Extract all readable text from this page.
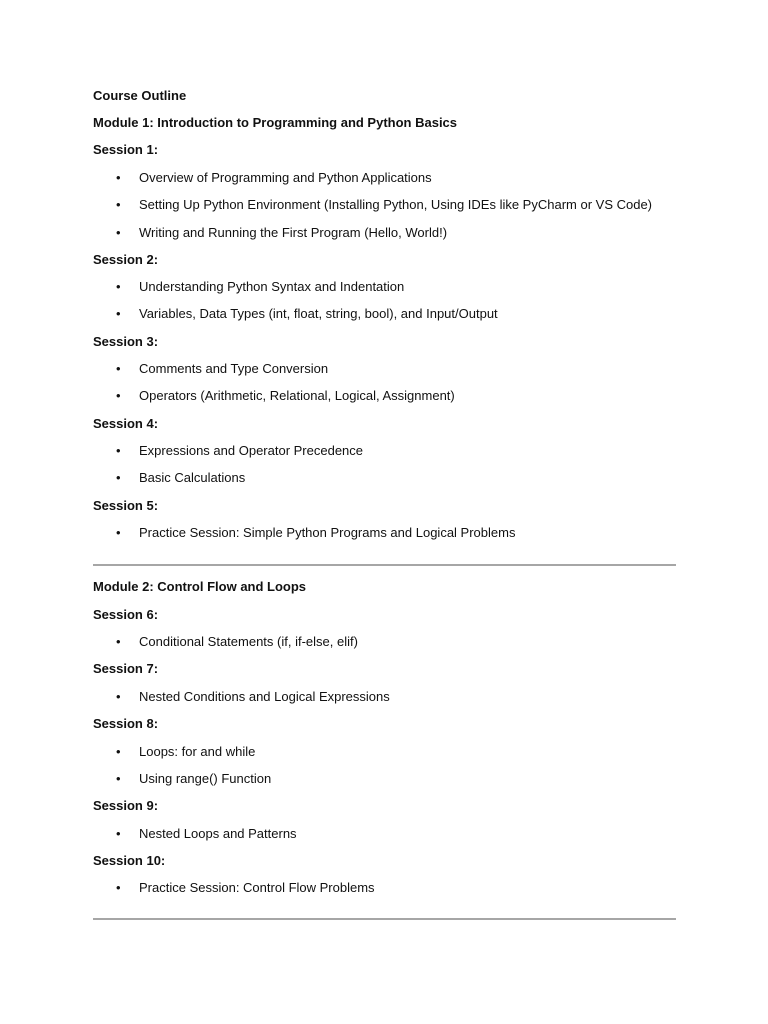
Course Outline
Module 1: Introduction to Programming and Python Basics
Session 1:
• Overview of Programming and Python Applications
• Setting Up Python Environment (Installing Python, Using IDEs like PyCharm or VS Code)
• Writing and Running the First Program (Hello, World!)
Session 2:
• Understanding Python Syntax and Indentation
• Variables, Data Types (int, float, string, bool), and Input/Output
Session 3:
• Comments and Type Conversion
• Operators (Arithmetic, Relational, Logical, Assignment)
Session 4:
• Expressions and Operator Precedence
• Basic Calculations
Session 5:
• Practice Session: Simple Python Programs and Logical Problems
Module 2: Control Flow and Loops
Session 6:
• Conditional Statements (if, if-else, elif)
Session 7:
• Nested Conditions and Logical Expressions
Session 8:
• Loops: for and while
• Using range() Function
Session 9:
• Nested Loops and Patterns
Session 10:
• Practice Session: Control Flow Problems
